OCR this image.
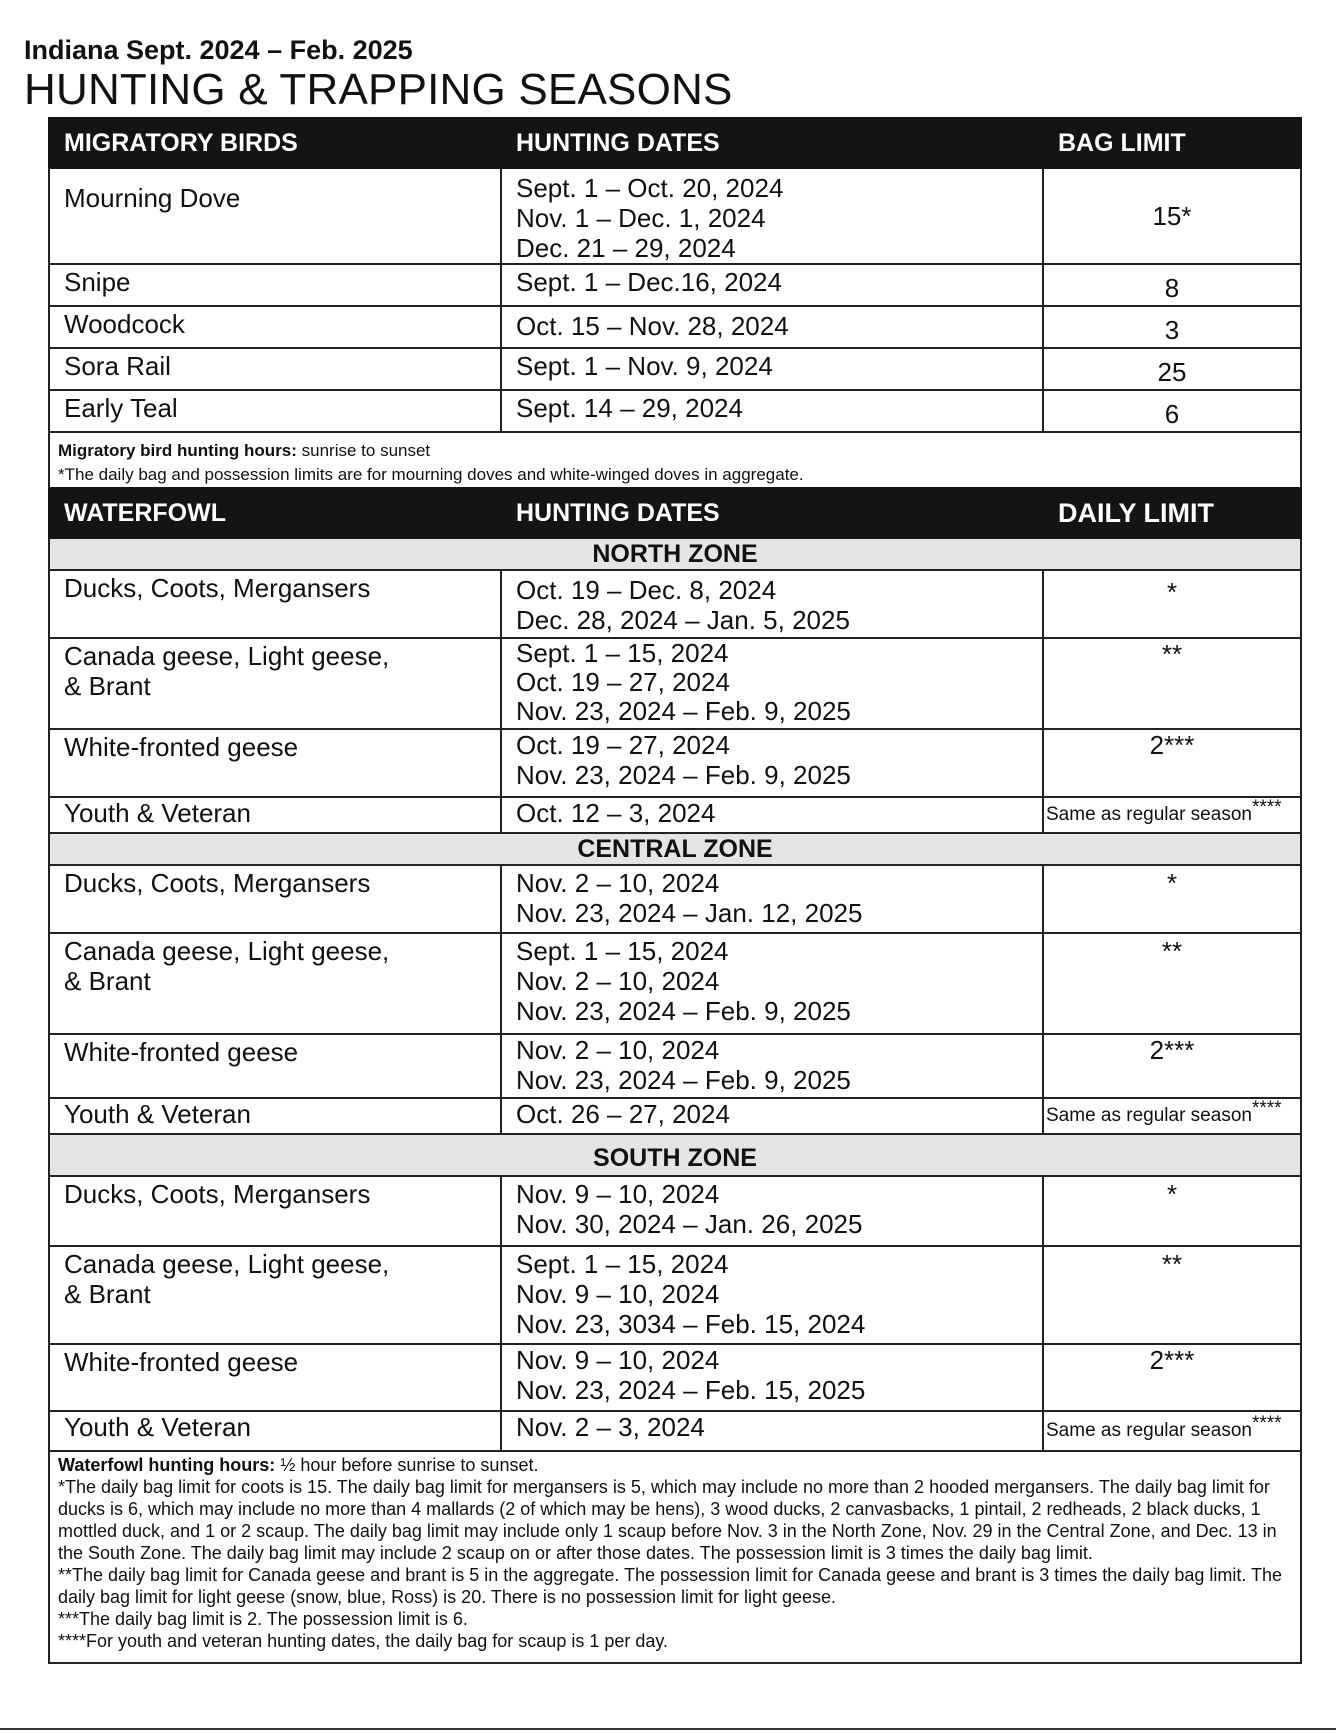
Indiana Sept. 2024 – Feb. 2025
HUNTING & TRAPPING SEASONS
MIGRATORY BIRDS	HUNTING DATES	BAG LIMIT
Mourning Dove	Sept. 1 – Oct. 20, 2024
Nov. 1 – Dec. 1, 2024
Dec. 21 – 29, 2024	15*
Snipe	Sept. 1 – Dec.16, 2024	8
Woodcock	Oct. 15 – Nov. 28, 2024	3
Sora Rail	Sept. 1 – Nov. 9, 2024	25
Early Teal	Sept. 14 – 29, 2024	6

Migratory bird hunting hours: sunrise to sunset
*The daily bag and possession limits are for mourning doves and white-winged doves in aggregate.		
WATERFOWL	HUNTING DATES	DAILY LIMIT
NORTH ZONE		
Ducks, Coots, Mergansers	Oct. 19 – Dec. 8, 2024
Dec. 28, 2024 – Jan. 5, 2025	*

Canada geese, Light geese,
& Brant	Sept. 1 – 15, 2024
Oct. 19 – 27, 2024
Nov. 23, 2024 – Feb. 9, 2025	**
White-fronted geese	Oct. 19 – 27, 2024
Nov. 23, 2024 – Feb. 9, 2025	2***
Youth & Veteran	Oct. 12 – 3, 2024	Same as regular season****
CENTRAL ZONE		
Ducks, Coots, Mergansers	Nov. 2 – 10, 2024
Nov. 23, 2024 – Jan. 12, 2025	*

Canada geese, Light geese,
& Brant	Sept. 1 – 15, 2024
Nov. 2 – 10, 2024
Nov. 23, 2024 – Feb. 9, 2025	**
White-fronted geese	Nov. 2 – 10, 2024
Nov. 23, 2024 – Feb. 9, 2025	2***
Youth & Veteran	Oct. 26 – 27, 2024	Same as regular season****
SOUTH ZONE		
Ducks, Coots, Mergansers	Nov. 9 – 10, 2024
Nov. 30, 2024 – Jan. 26, 2025	*

Canada geese, Light geese,
& Brant	Sept. 1 – 15, 2024
Nov. 9 – 10, 2024
Nov. 23, 3034 – Feb. 15, 2024	**
White-fronted geese	Nov. 9 – 10, 2024
Nov. 23, 2024 – Feb. 15, 2025	2***
Youth & Veteran	Nov. 2 – 3, 2024	Same as regular season****

Waterfowl hunting hours: ½ hour before sunrise to sunset.
*The daily bag limit for coots is 15. The daily bag limit for mergansers is 5, which may include no more than 2 hooded mergansers. The daily bag limit for ducks is 6, which may include no more than 4 mallards (2 of which may be hens), 3 wood ducks, 2 canvasbacks, 1 pintail, 2 redheads, 2 black ducks, 1 mottled duck, and 1 or 2 scaup. The daily bag limit may include only 1 scaup before Nov. 3 in the North Zone, Nov. 29 in the Central Zone, and Dec. 13 in the South Zone. The daily bag limit may include 2 scaup on or after those dates. The possession limit is 3 times the daily bag limit.
**The daily bag limit for Canada geese and brant is 5 in the aggregate. The possession limit for Canada geese and brant is 3 times the daily bag limit. The daily bag limit for light geese (snow, blue, Ross) is 20. There is no possession limit for light geese.
***The daily bag limit is 2. The possession limit is 6.
****For youth and veteran hunting dates, the daily bag for scaup is 1 per day.		
